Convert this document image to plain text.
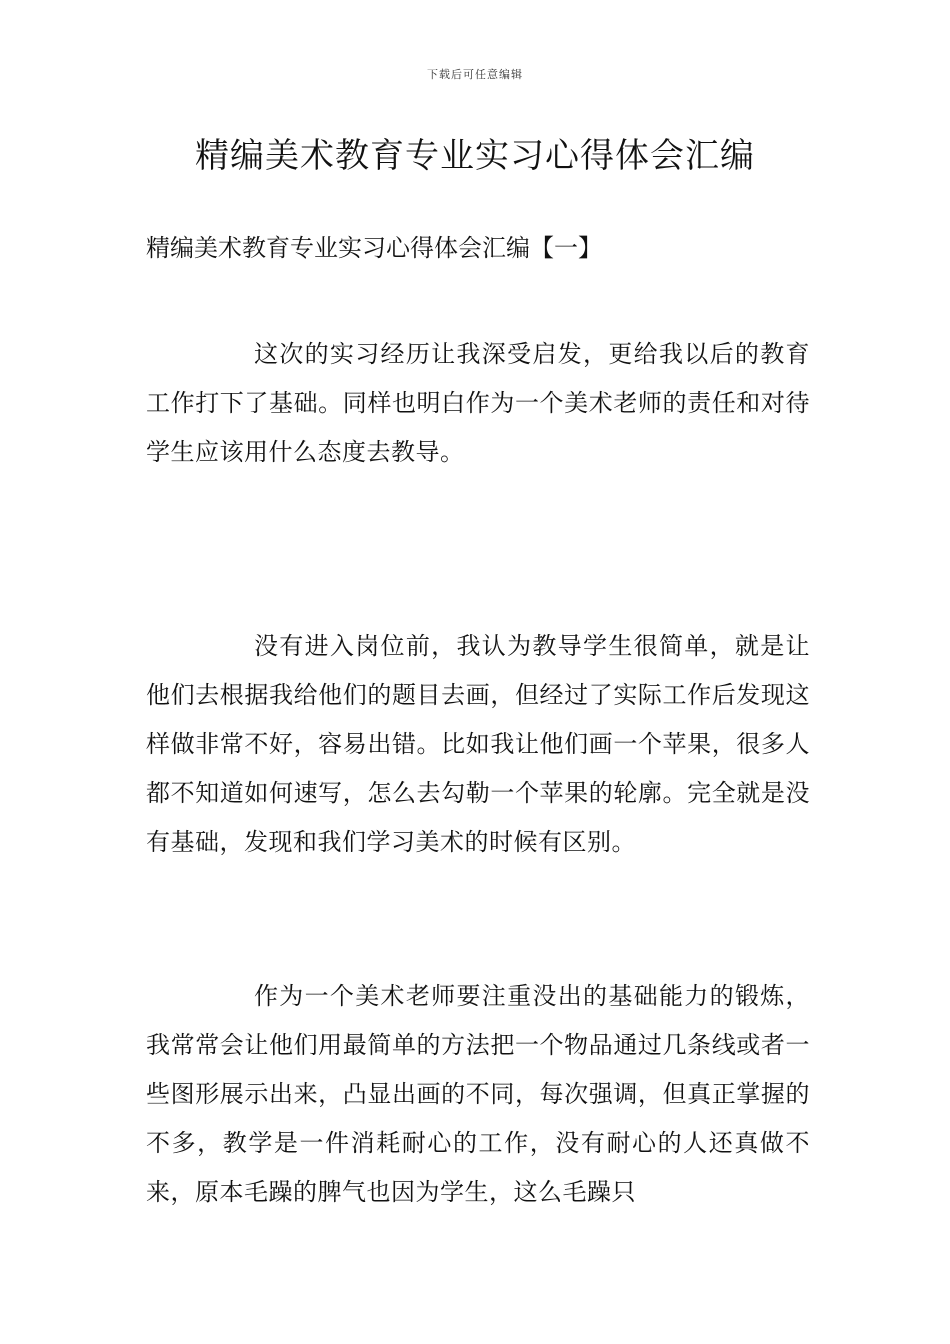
下载后可任意编辑
精编美术教育专业实习心得体会汇编
精编美术教育专业实习心得体会汇编【一】

这次的实习经历让我深受启发，更给我以后的教育工作打下了基础。同样也明白作为一个美术老师的责任和对待学生应该用什么态度去教导。

没有进入岗位前，我认为教导学生很简单，就是让他们去根据我给他们的题目去画，但经过了实际工作后发现这样做非常不好，容易出错。比如我让他们画一个苹果，很多人都不知道如何速写，怎么去勾勒一个苹果的轮廓。完全就是没有基础，发现和我们学习美术的时候有区别。

作为一个美术老师要注重没出的基础能力的锻炼，我常常会让他们用最简单的方法把一个物品通过几条线或者一些图形展示出来，凸显出画的不同，每次强调，但真正掌握的不多，教学是一件消耗耐心的工作，没有耐心的人还真做不来，原本毛躁的脾气也因为学生，这么毛躁只
